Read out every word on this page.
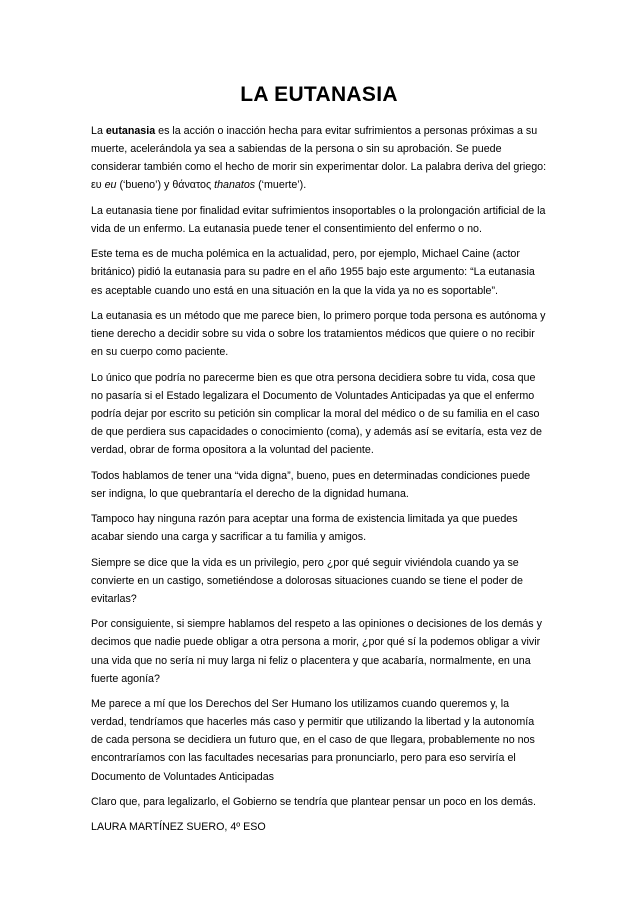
LA EUTANASIA

La eutanasia es la acción o inacción hecha para evitar sufrimientos a personas próximas a su muerte, acelerándola ya sea a sabiendas de la persona o sin su aprobación. Se puede considerar también como el hecho de morir sin experimentar dolor. La palabra deriva del griego: ευ eu (‘bueno’) y θάνατος thanatos (‘muerte’).

La eutanasia tiene por finalidad evitar sufrimientos insoportables o la prolongación artificial de la vida de un enfermo. La eutanasia puede tener el consentimiento del enfermo o no.

Este tema es de mucha polémica en la actualidad, pero, por ejemplo, Michael Caine (actor británico) pidió la eutanasia para su padre en el año 1955 bajo este argumento: “La eutanasia es aceptable cuando uno está en una situación en la que la vida ya no es soportable”.

La eutanasia es un método que me parece bien, lo primero porque toda persona es autónoma y tiene derecho a decidir sobre su vida o sobre los tratamientos médicos que quiere o no recibir en su cuerpo como paciente.

Lo único que podría no parecerme bien es que otra persona decidiera sobre tu vida, cosa que no pasaría si el Estado legalizara el Documento de Voluntades Anticipadas ya que el enfermo podría dejar por escrito su petición sin complicar la moral del médico o de su familia en el caso de que perdiera sus capacidades o conocimiento (coma), y además así se evitaría, esta vez de verdad, obrar de forma opositora a la voluntad del paciente.

Todos hablamos de tener una “vida digna”, bueno, pues en determinadas condiciones puede ser indigna, lo que quebrantaría el derecho de la dignidad humana.

Tampoco hay ninguna razón para aceptar una forma de existencia limitada ya que puedes acabar siendo una carga y sacrificar a tu familia y amigos.

Siempre se dice que la vida es un privilegio, pero ¿por qué seguir viviéndola cuando ya se convierte en un castigo, sometiéndose a dolorosas situaciones cuando se tiene el poder de evitarlas?

Por consiguiente, si siempre hablamos del respeto a las opiniones o decisiones de los demás y decimos que nadie puede obligar a otra persona a morir, ¿por qué sí la podemos obligar a vivir una vida que no sería ni muy larga ni feliz o placentera y que acabaría, normalmente, en una fuerte agonía?

Me parece a mí que los Derechos del Ser Humano los utilizamos cuando queremos y, la verdad, tendríamos que hacerles más caso y permitir que utilizando la libertad y la autonomía de cada persona se decidiera un futuro que, en el caso de que llegara, probablemente no nos encontraríamos con las facultades necesarias para pronunciarlo, pero para eso serviría el Documento de Voluntades Anticipadas

Claro que, para legalizarlo, el Gobierno se tendría que plantear pensar un poco en los demás.

LAURA MARTÍNEZ SUERO, 4º ESO
